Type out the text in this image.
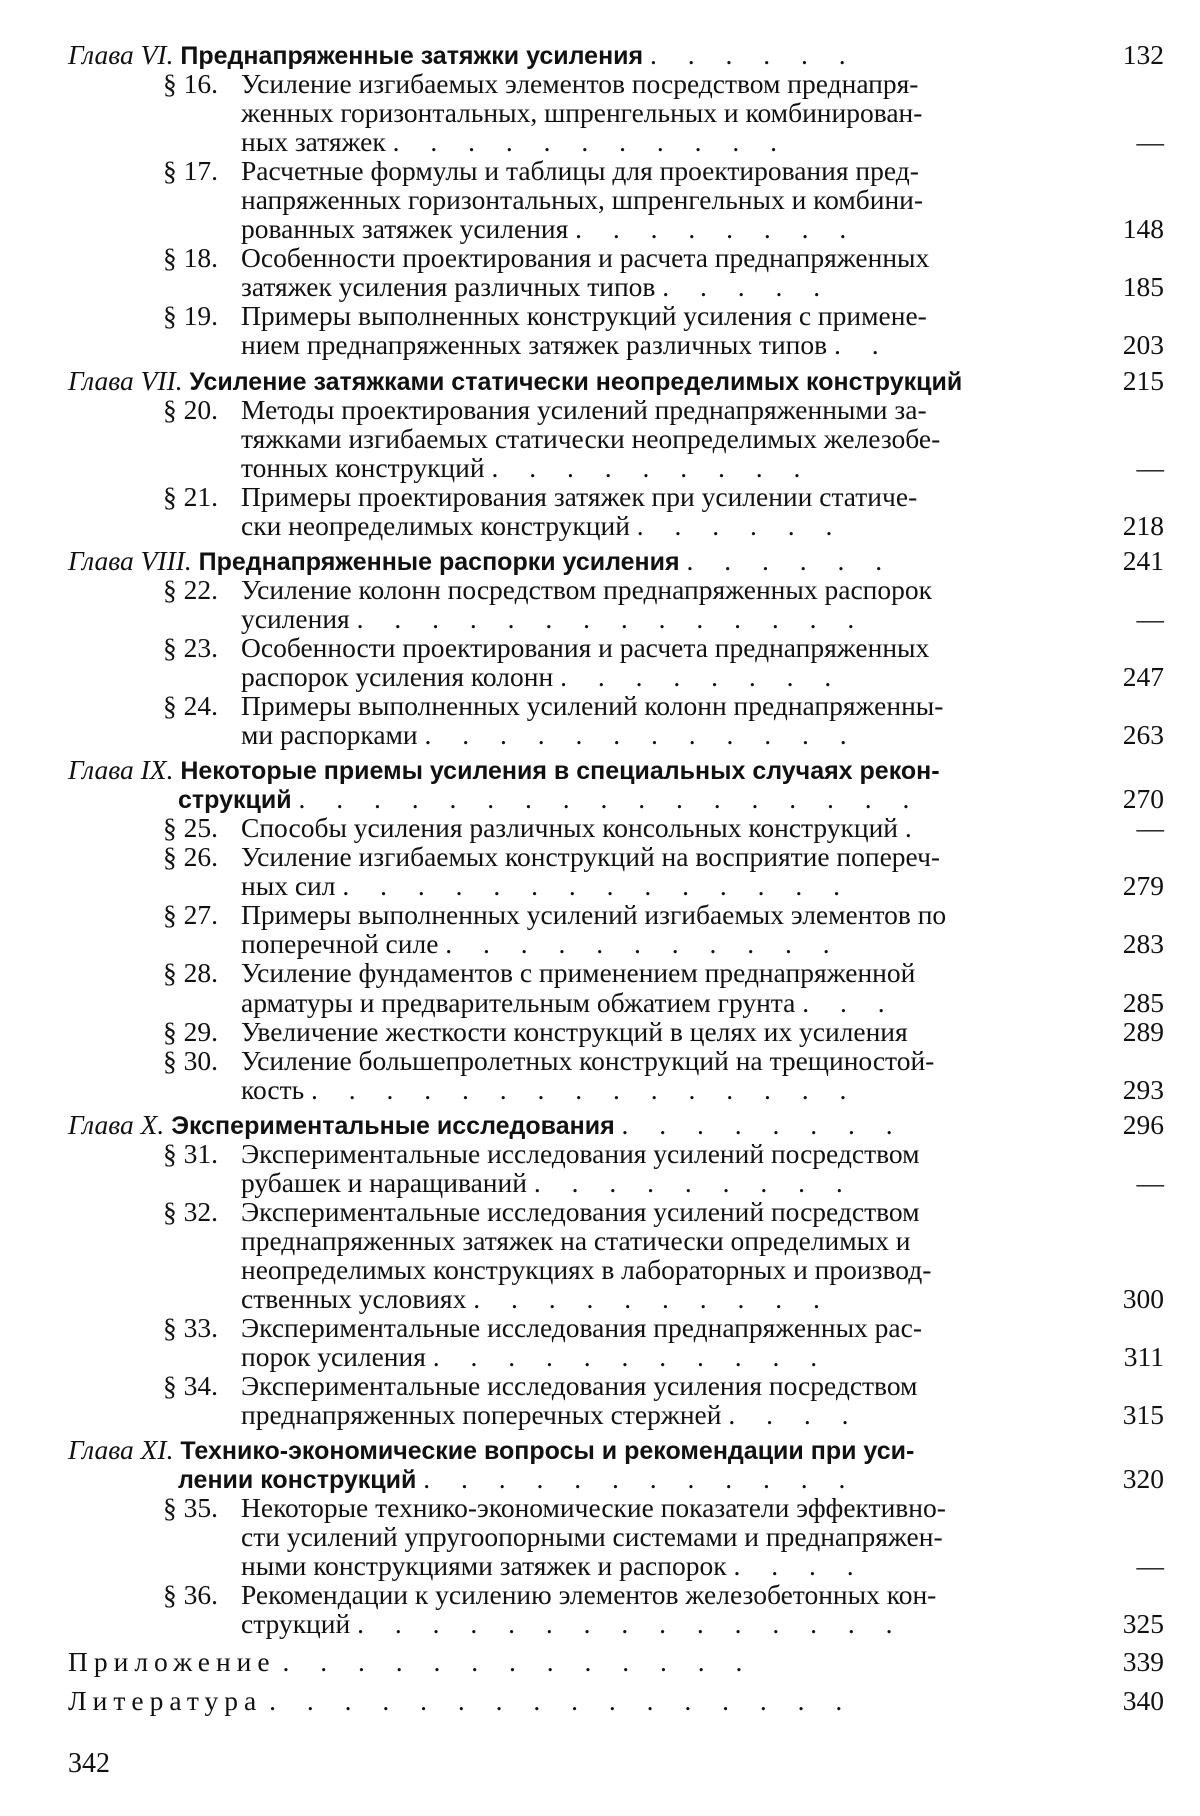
Глава VI. Преднапряженные затяжки усиления . . . . . .	132
§ 16. Усиление изгибаемых элементов посредством преднапря-
женных горизонтальных, шпренгельных и комбинирован-
ных затяжек . . . . . . . . . . .	—
§ 17. Расчетные формулы и таблицы для проектирования пред-
напряженных горизонтальных, шпренгельных и комбини-
рованных затяжек усиления . . . . . . . .	148
§ 18. Особенности проектирования и расчета преднапряженных
затяжек усиления различных типов . . . . .	185
§ 19. Примеры выполненных конструкций усиления с примене-
нием преднапряженных затяжек различных типов . .	203
Глава VII. Усиление затяжками статически неопределимых конструкций	215
§ 20. Методы проектирования усилений преднапряженными за-
тяжками изгибаемых статически неопределимых железобе-
тонных конструкций . . . . . . . . .	—
§ 21. Примеры проектирования затяжек при усилении статиче-
ски неопределимых конструкций . . . . . .	218
Глава VIII. Преднапряженные распорки усиления . . . . . .	241
§ 22. Усиление колонн посредством преднапряженных распорок
усиления . . . . . . . . . . . . . .	—
§ 23. Особенности проектирования и расчета преднапряженных
распорок усиления колонн . . . . . . . .	247
§ 24. Примеры выполненных усилений колонн преднапряженны-
ми распорками . . . . . . . . . . . .	263
Глава IX. Некоторые приемы усиления в специальных случаях рекон-
струкций . . . . . . . . . . . . . . . . .	270
§ 25. Способы усиления различных консольных конструкций .	—
§ 26. Усиление изгибаемых конструкций на восприятие попереч-
ных сил . . . . . . . . . . . . . .	279
§ 27. Примеры выполненных усилений изгибаемых элементов по
поперечной силе . . . . . . . . . . .	283
§ 28. Усиление фундаментов с применением преднапряженной
арматуры и предварительным обжатием грунта . . .	285
§ 29. Увеличение жесткости конструкций в целях их усиления	289
§ 30. Усиление большепролетных конструкций на трещиностой-
кость . . . . . . . . . . . . . . .	293
Глава X. Экспериментальные исследования . . . . . . . .	296
§ 31. Экспериментальные исследования усилений посредством
рубашек и наращиваний . . . . . . . . .	—
§ 32. Экспериментальные исследования усилений посредством
преднапряженных затяжек на статически определимых и
неопределимых конструкциях в лабораторных и производ-
ственных условиях . . . . . . . . . .	300
§ 33. Экспериментальные исследования преднапряженных рас-
порок усиления . . . . . . . . . . .	311
§ 34. Экспериментальные исследования усиления посредством
преднапряженных поперечных стержней . . . .	315
Глава XI. Технико-экономические вопросы и рекомендации при уси-
лении конструкций . . . . . . . . . . . .	320
§ 35. Некоторые технико-экономические показатели эффективно-
сти усилений упругоопорными системами и преднапряжен-
ными конструкциями затяжек и распорок . . . .	—
§ 36. Рекомендации к усилению элементов железобетонных кон-
струкций . . . . . . . . . . . . . . .	325
Приложение . . . . . . . . . . . . .	339
Литература . . . . . . . . . . . . . . . .	340
342
